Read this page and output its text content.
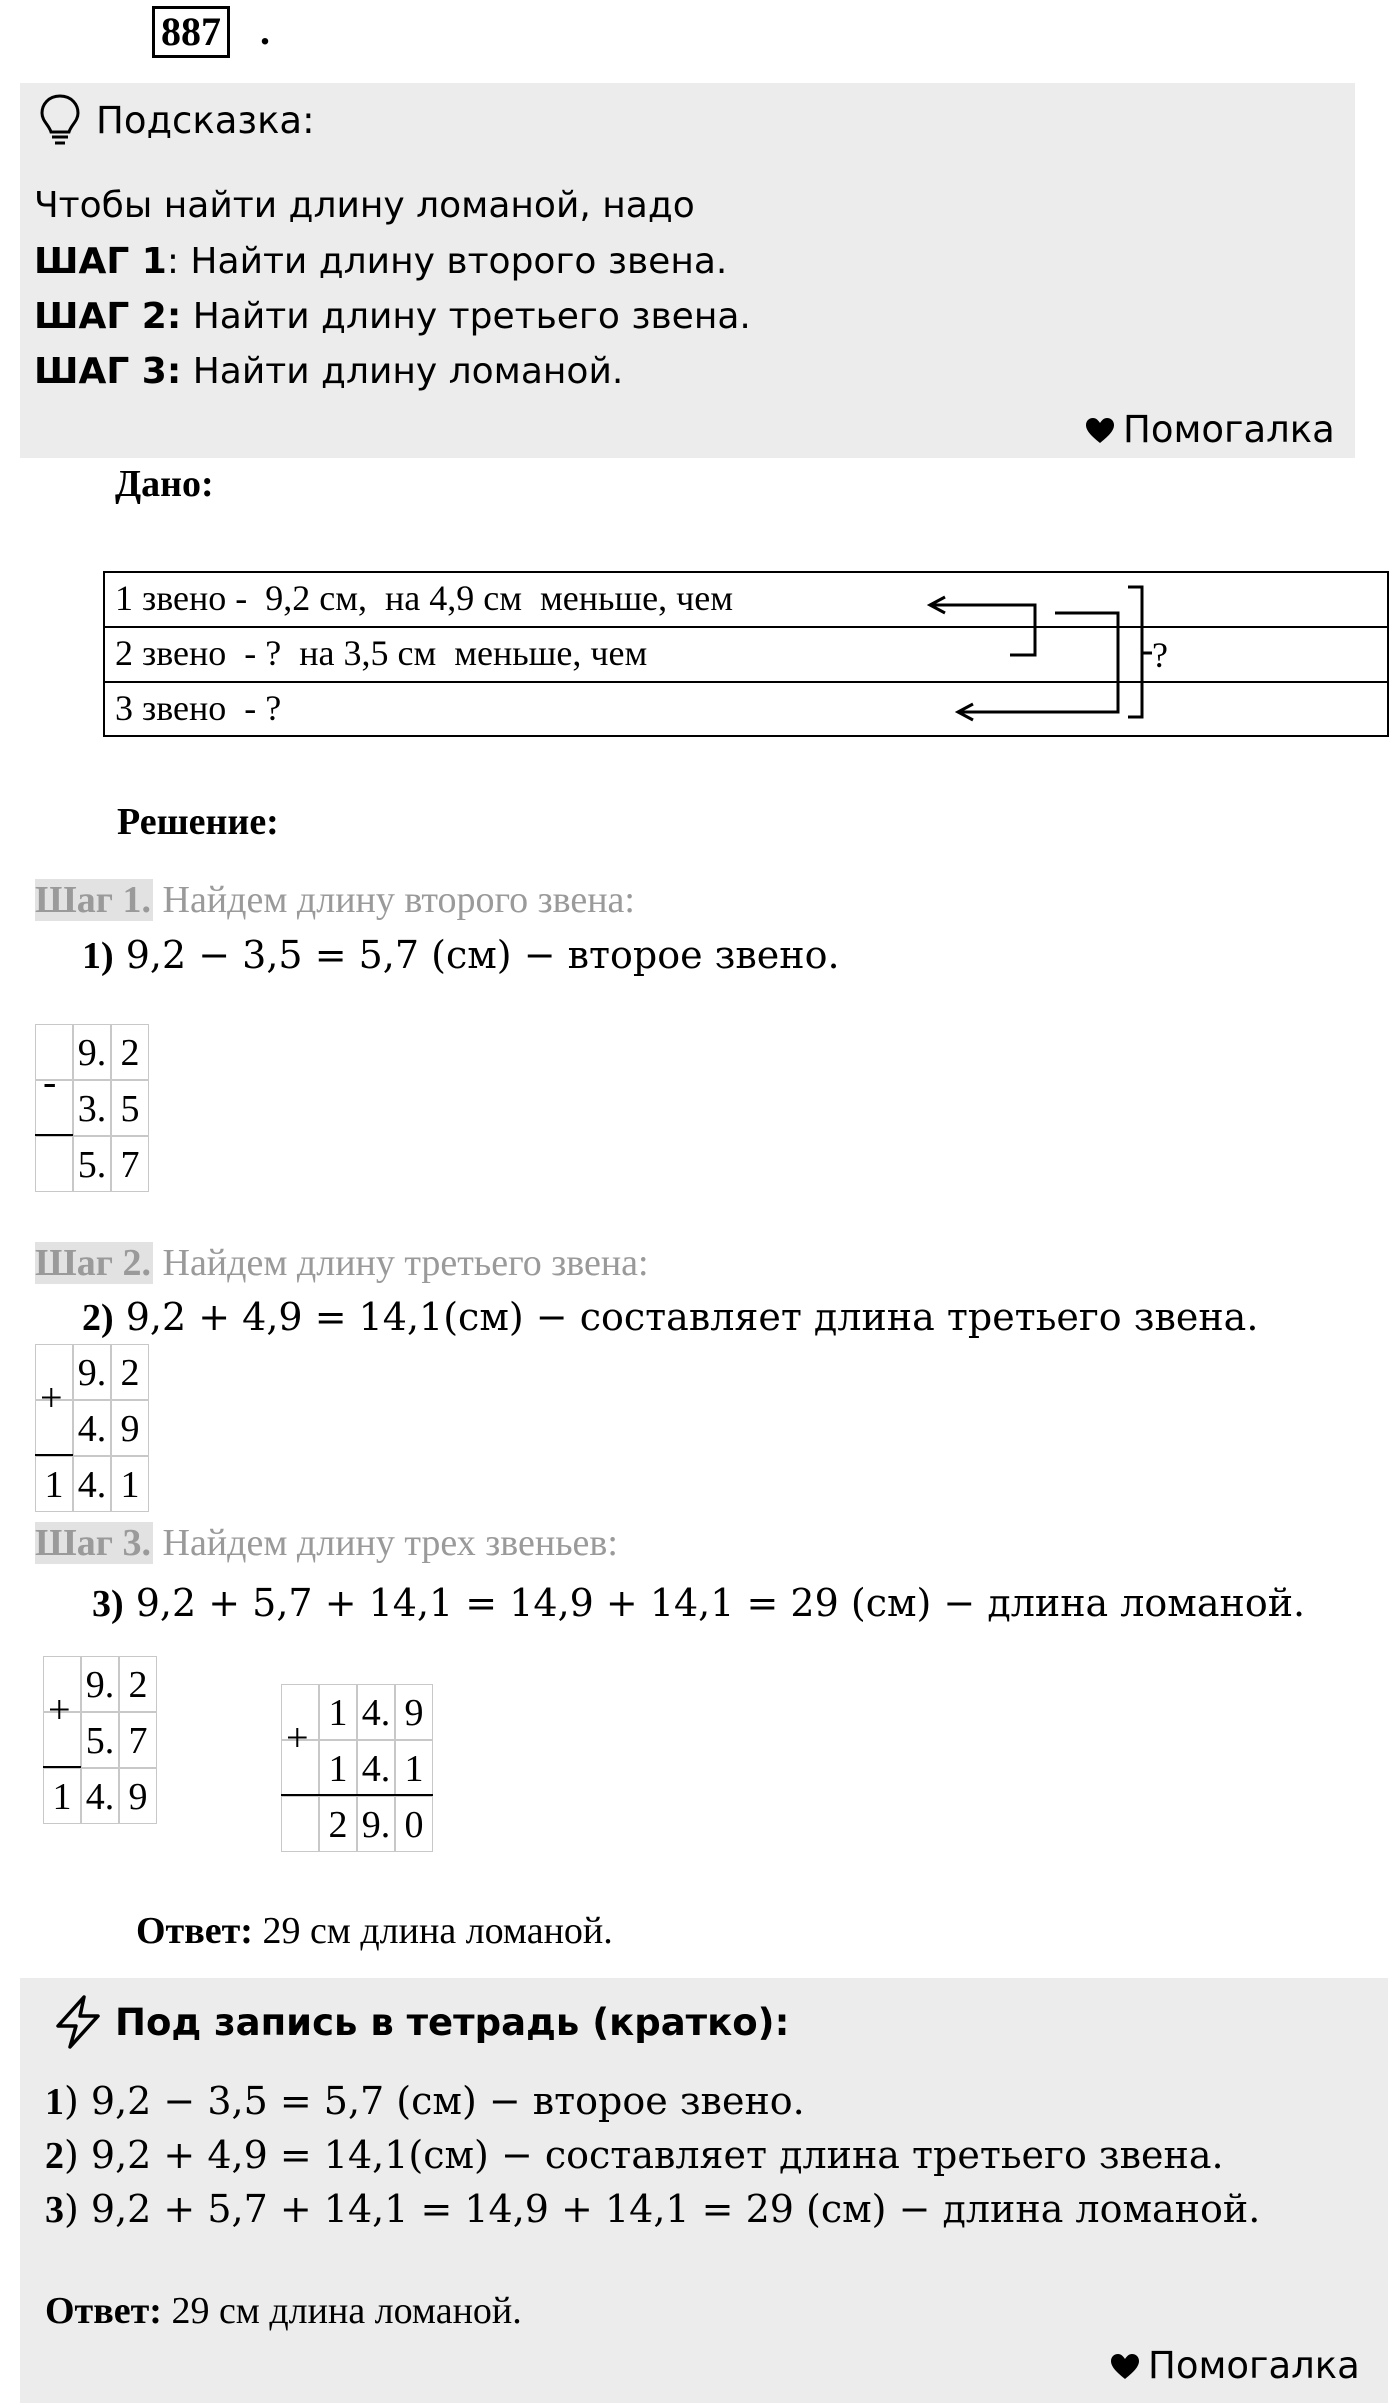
887 .
Подсказка:
Чтобы найти длину ломаной, надо
ШАГ 1: Найти длину второго звена.
ШАГ 2: Найти длину третьего звена.
ШАГ 3: Найти длину ломаной.
Помогалка
Дано:
1 звено -  9,2 см,  на 4,9 см  меньше, чем
2 звено  - ?  на 3,5 см  меньше, чем
3 звено  - ?
?
Решение:
Шаг 1. Найдем длину второго звена:
1) 9,2 − 3,5 = 5,7 (см) − второе звено.
-
9. 2
3. 5
5. 7
Шаг 2. Найдем длину третьего звена:
2) 9,2 + 4,9 = 14,1(см) − составляет длина третьего звена.
+
1
9. 2
4. 9
4. 1
Шаг 3. Найдем длину трех звеньев:
3) 9,2 + 5,7 + 14,1 = 14,9 + 14,1 = 29 (см) − длина ломаной.
+
1
9. 2
5. 7
4. 9
+
1 4. 9
1 4. 1
2 9. 0
Ответ: 29 см длина ломаной.
Под запись в тетрадь (кратко):
1) 9,2 − 3,5 = 5,7 (см) − второе звено.
2) 9,2 + 4,9 = 14,1(см) − составляет длина третьего звена.
3) 9,2 + 5,7 + 14,1 = 14,9 + 14,1 = 29 (см) − длина ломаной.
Ответ: 29 см длина ломаной.
Помогалка
